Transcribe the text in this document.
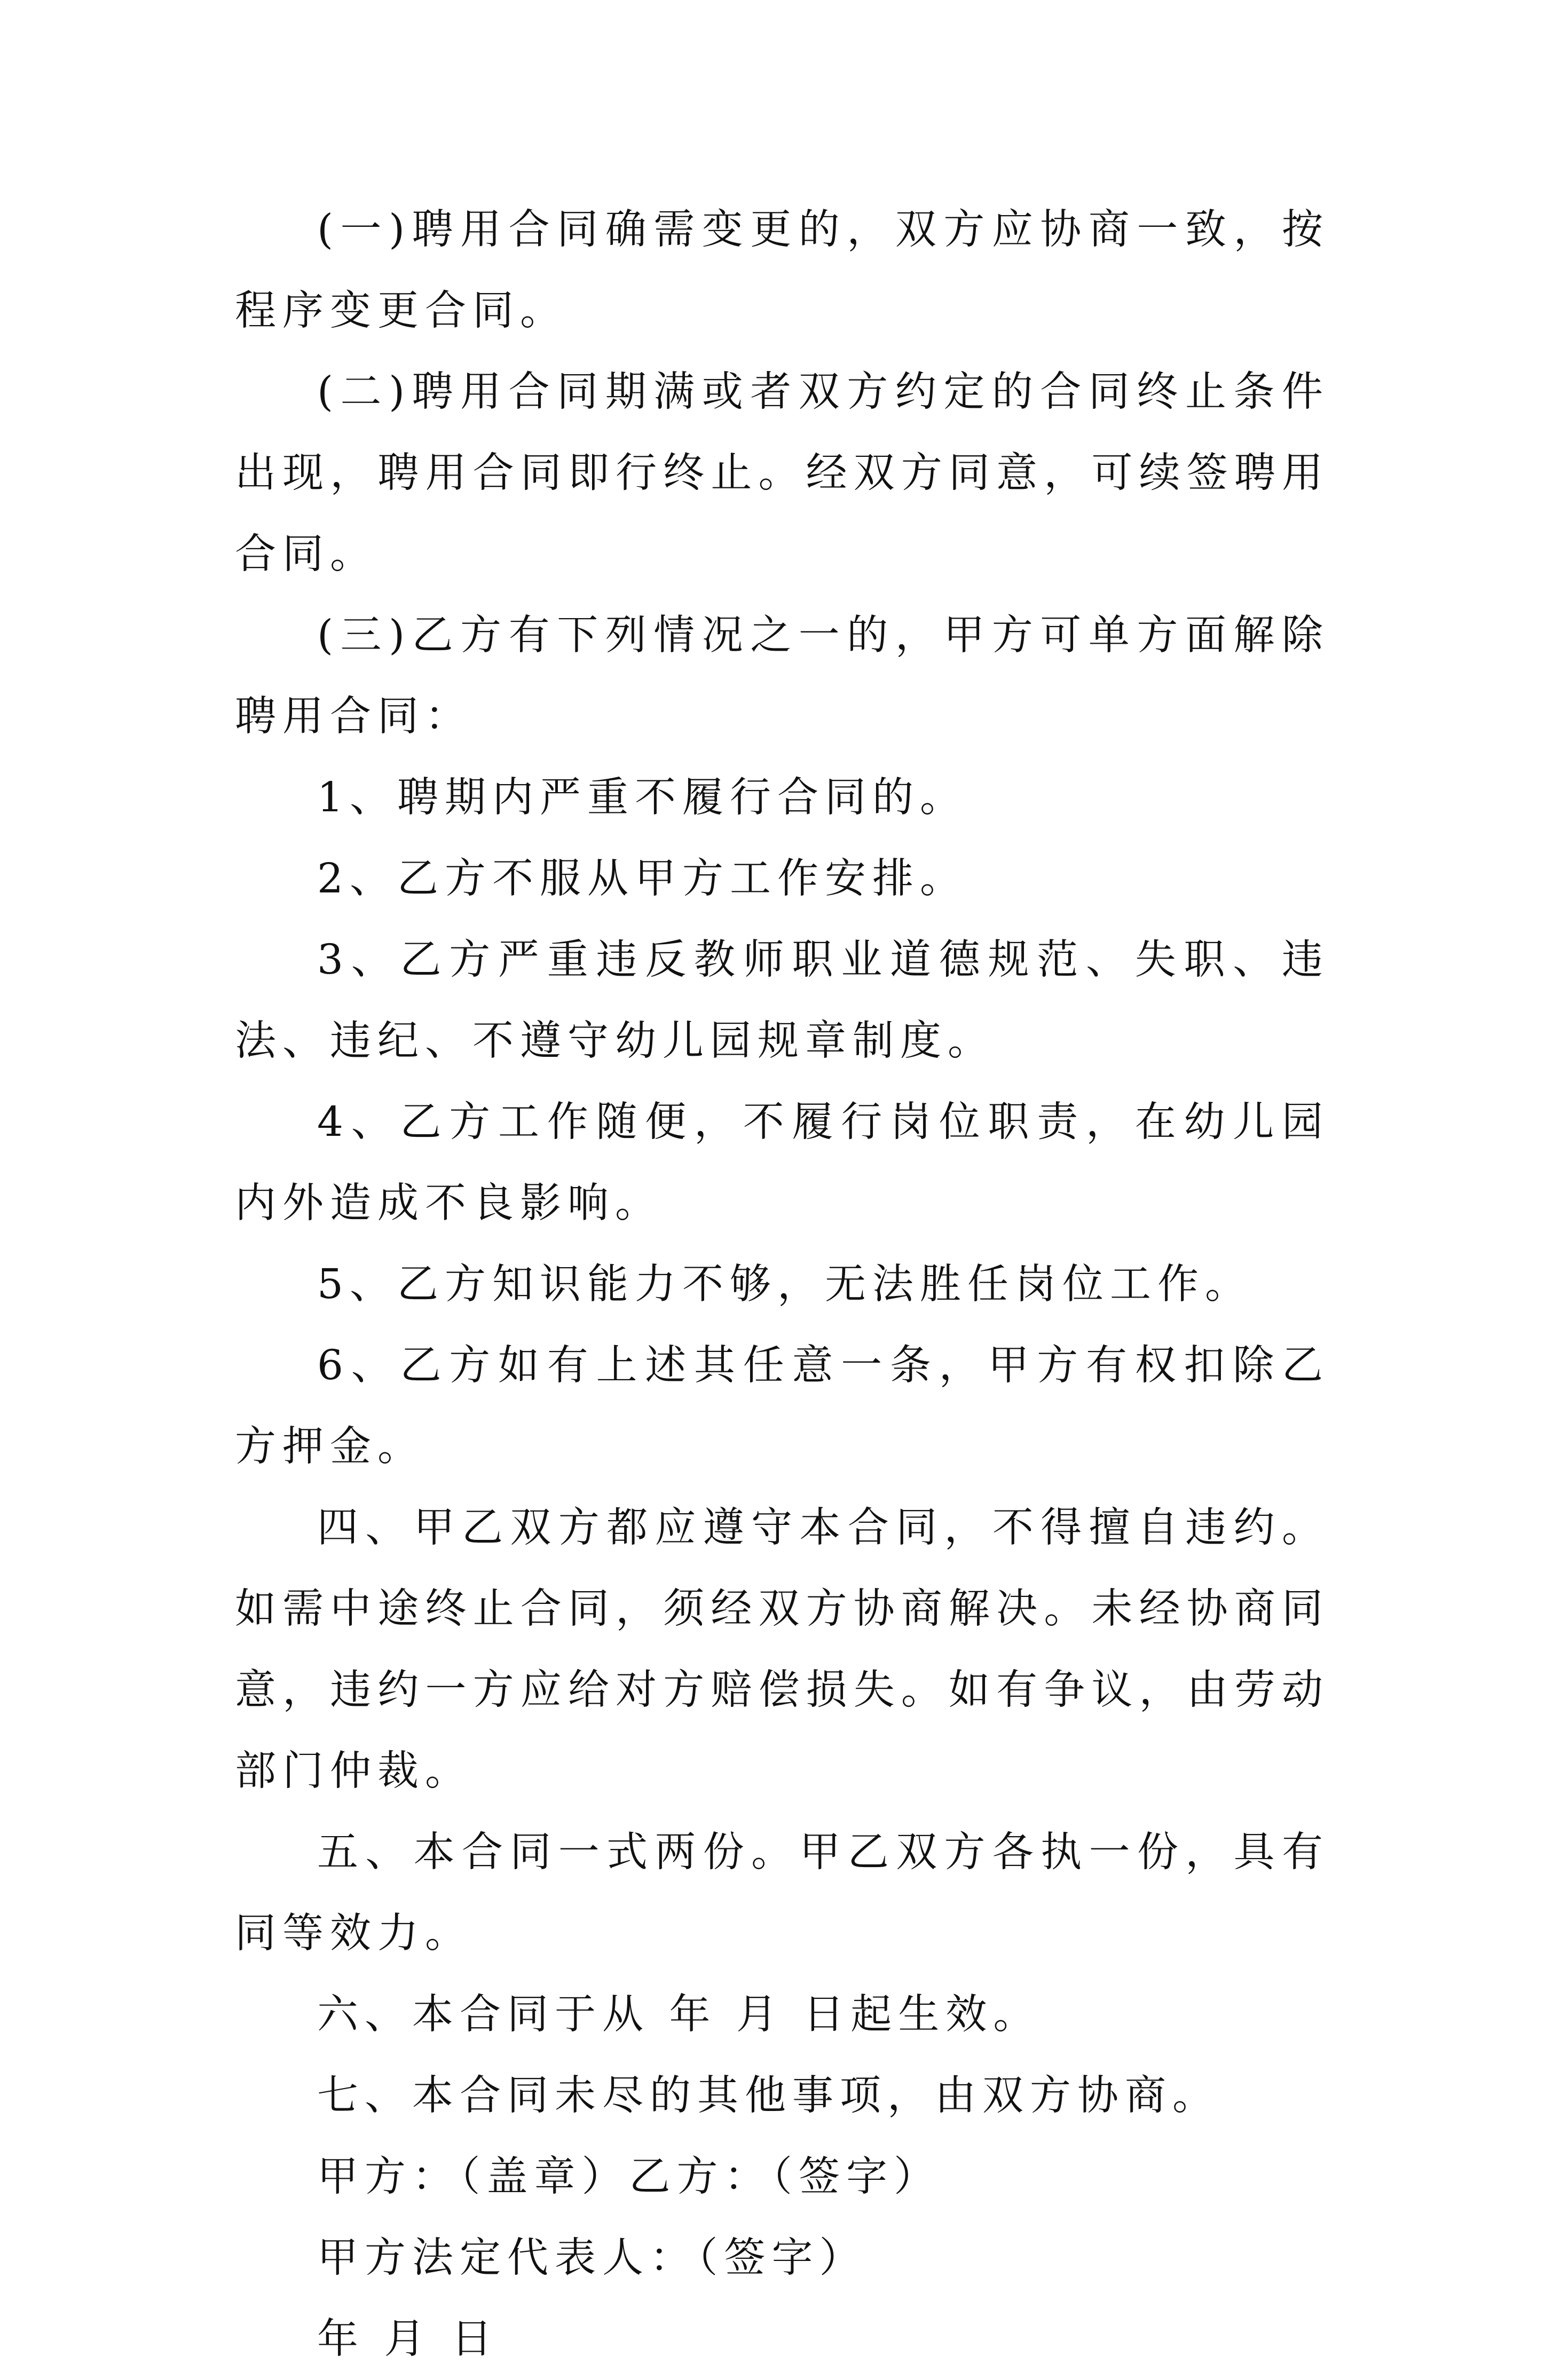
(一)聘用合同确需变更的，双方应协商一致，按程序变更合同。

(二)聘用合同期满或者双方约定的合同终止条件出现，聘用合同即行终止。经双方同意，可续签聘用合同。

(三)乙方有下列情况之一的，甲方可单方面解除聘用合同：

1、聘期内严重不履行合同的。

2、乙方不服从甲方工作安排。

3、乙方严重违反教师职业道德规范、失职、违法、违纪、不遵守幼儿园规章制度。

4、乙方工作随便，不履行岗位职责，在幼儿园内外造成不良影响。

5、乙方知识能力不够，无法胜任岗位工作。

6、乙方如有上述其任意一条，甲方有权扣除乙方押金。

四、甲乙双方都应遵守本合同，不得擅自违约。如需中途终止合同，须经双方协商解决。未经协商同意，违约一方应给对方赔偿损失。如有争议，由劳动部门仲裁。

五、本合同一式两份。甲乙双方各执一份，具有同等效力。

六、本合同于从 年 月 日起生效。

七、本合同未尽的其他事项，由双方协商。

甲方：（盖章）乙方：（签字）

甲方法定代表人：（签字）

年 月 日
